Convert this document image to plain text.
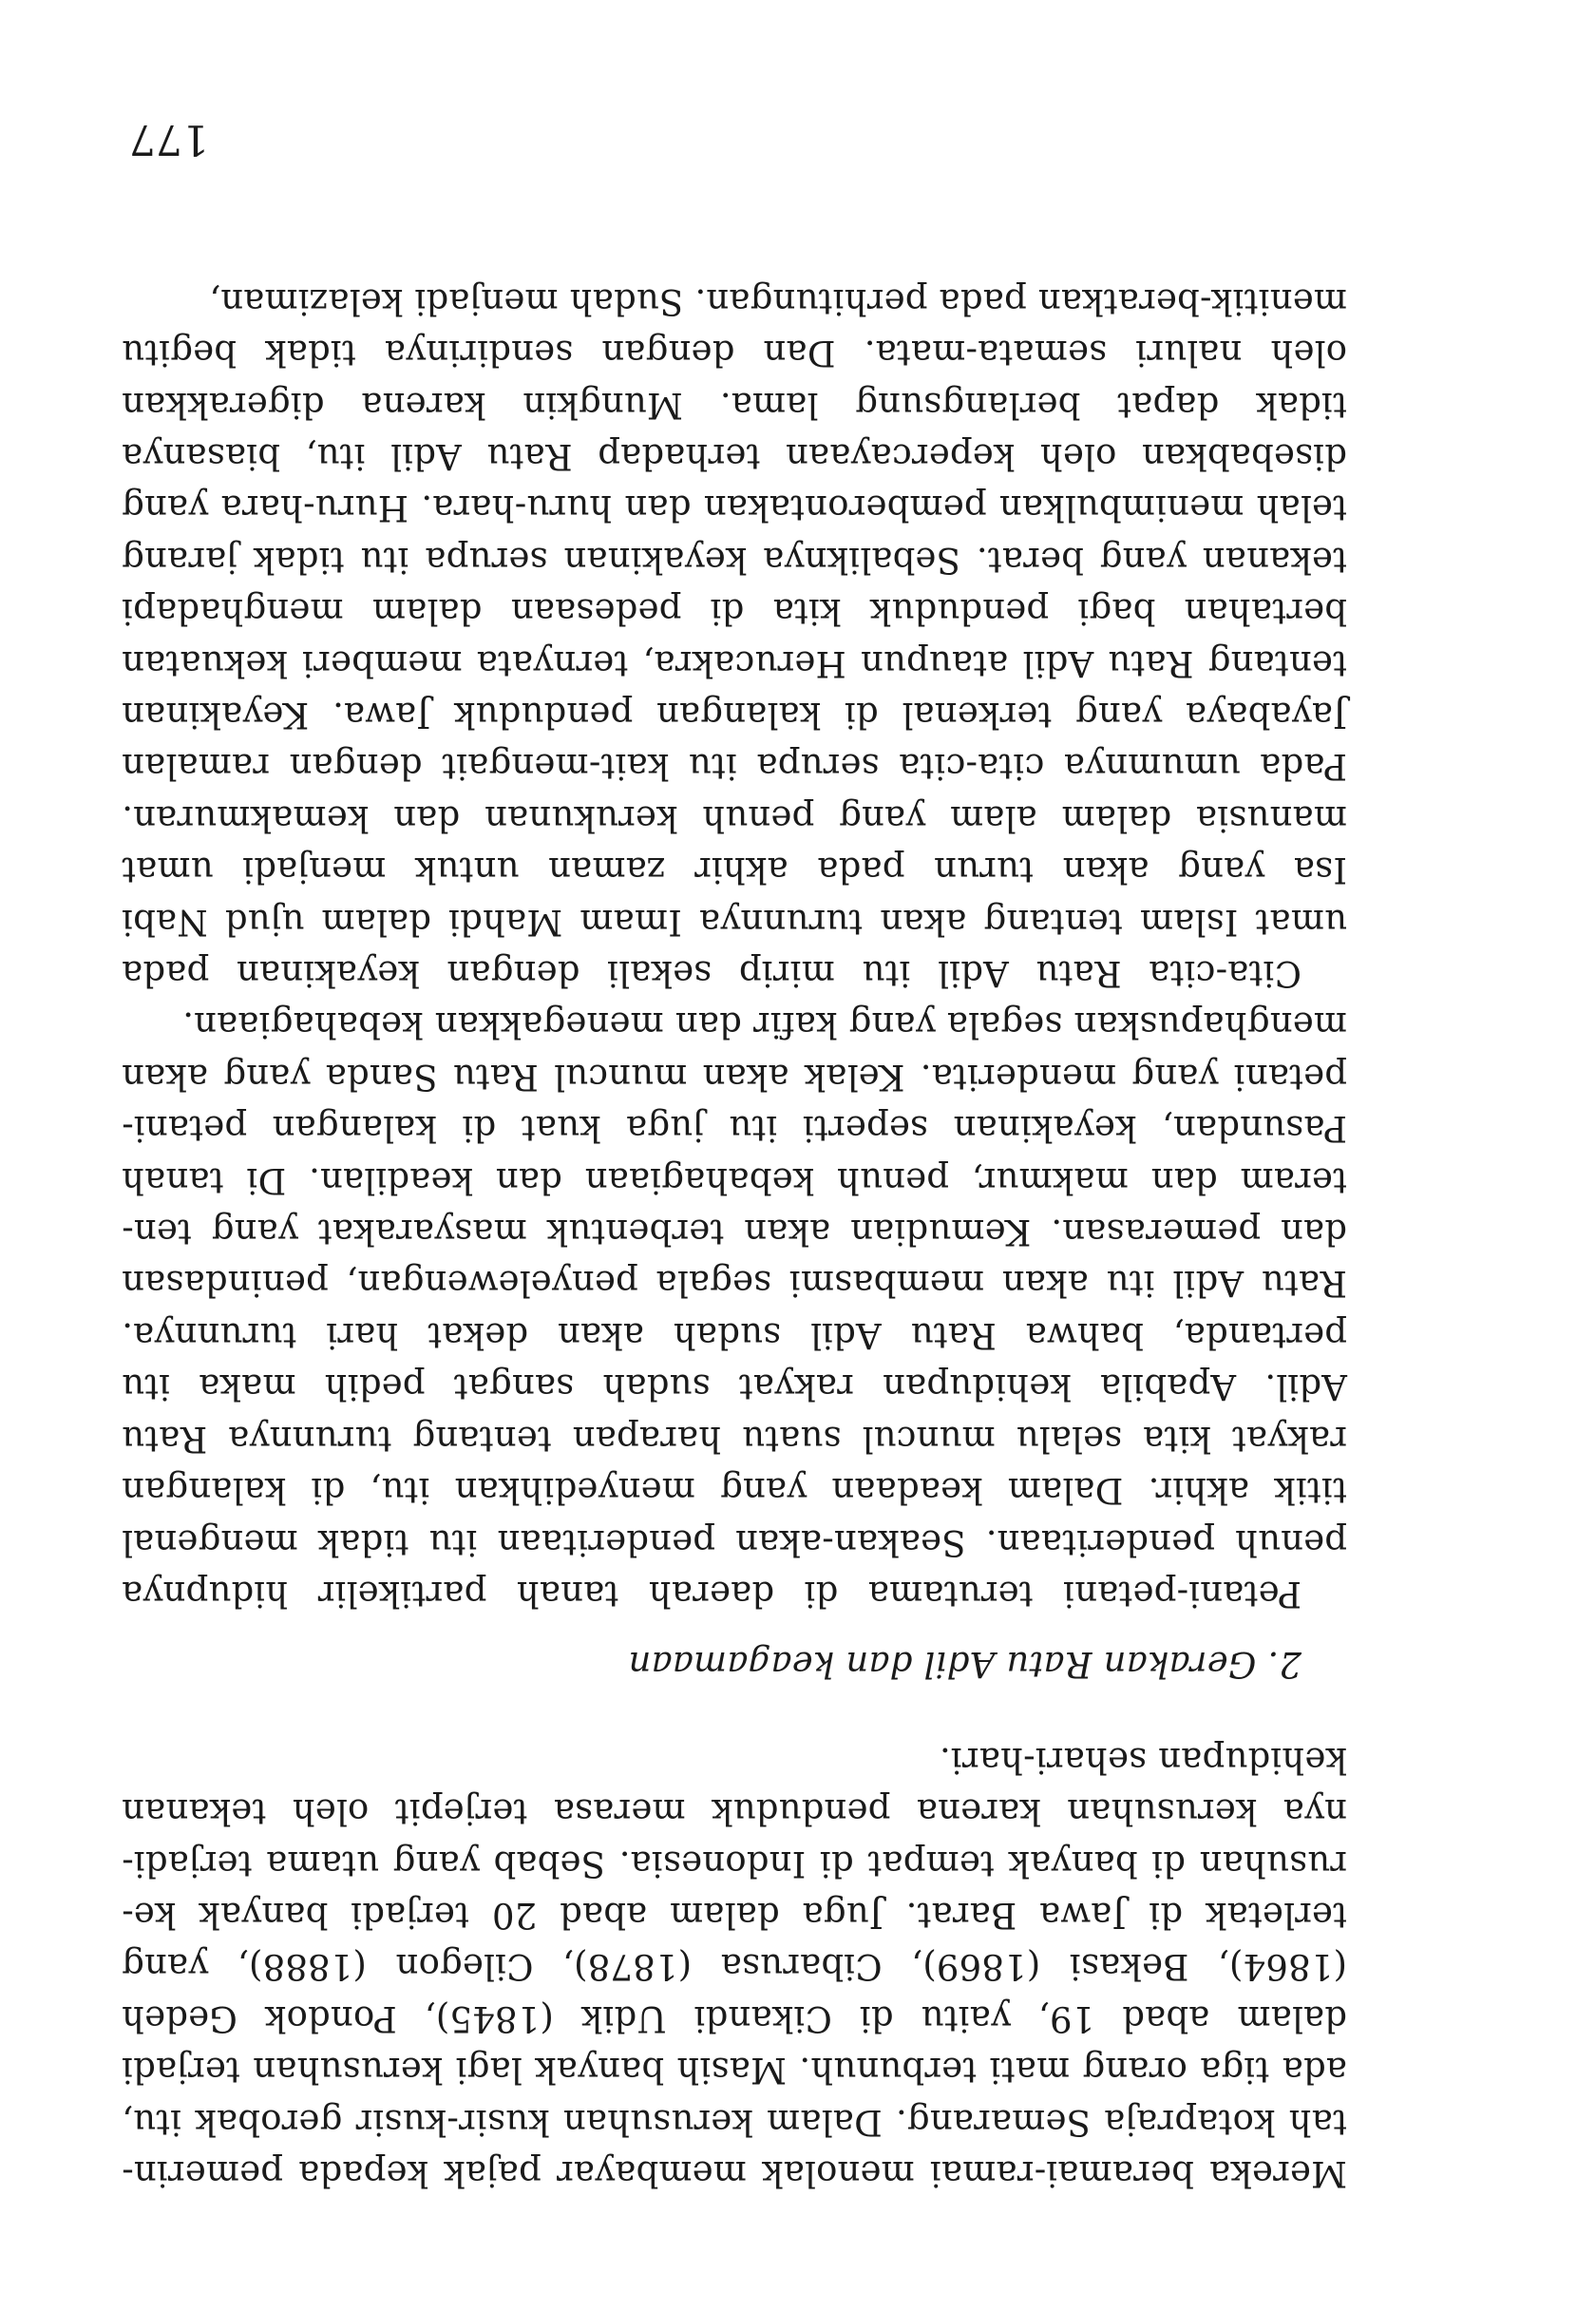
Mereka beramai-ramai menolak membayar pajak kepada pemerin-
tah kotapraja Semarang. Dalam kerusuhan kusir-kusir gerobak itu,
ada tiga orang mati terbunuh. Masih banyak lagi kerusuhan terjadi
dalam abad 19, yaitu di Cikandi Udik (1845), Pondok Gedeh
(1864), Bekasi (1869), Cibarusa (1878), Cilegon (1888), yang
terletak di Jawa Barat. Juga dalam abad 20 terjadi banyak ke-
rusuhan di banyak tempat di Indonesia. Sebab yang utama terjadi-
nya kerusuhan karena penduduk merasa terjepit oleh tekanan
kehidupan sehari-hari.
2. Gerakan Ratu Adil dan keagamaan
Petani-petani terutama di daerah tanah partikelir hidupnya
penuh penderitaan. Seakan-akan penderitaan itu tidak mengenal
titik akhir. Dalam keadaan yang menyedihkan itu, di kalangan
rakyat kita selalu muncul suatu harapan tentang turunnya Ratu
Adil. Apabila kehidupan rakyat sudah sangat pedih maka itu
pertanda, bahwa Ratu Adil sudah akan dekat hari turunnya.
Ratu Adil itu akan membasmi segala penyelewengan, penindasan
dan pemerasan. Kemudian akan terbentuk masyarakat yang ten-
teram dan makmur, penuh kebahagiaan dan keadilan. Di tanah
Pasundan, keyakinan seperti itu juga kuat di kalangan petani-
petani yang menderita. Kelak akan muncul Ratu Sanda yang akan
menghapuskan segala yang kafir dan menegakkan kebahagiaan.
Cita-cita Ratu Adil itu mirip sekali dengan keyakinan pada
umat Islam tentang akan turunnya Imam Mahdi dalam ujud Nabi
Isa yang akan turun pada akhir zaman untuk menjadi umat
manusia dalam alam yang penuh kerukunan dan kemakmuran.
Pada umumnya cita-cita serupa itu kait-mengait dengan ramalan
Jayabaya yang terkenal di kalangan penduduk Jawa. Keyakinan
tentang Ratu Adil ataupun Herucakra, ternyata memberi kekuatan
bertahan bagi penduduk kita di pedesaan dalam menghadapi
tekanan yang berat. Sebaliknya keyakinan serupa itu tidak jarang
telah menimbulkan pemberontakan dan huru-hara. Huru-hara yang
disebabkan oleh kepercayaan terhadap Ratu Adil itu, biasanya
tidak dapat berlangsung lama. Mungkin karena digerakkan
oleh naluri semata-mata. Dan dengan sendirinya tidak begitu
menitik-beratkan pada perhitungan. Sudah menjadi kelaziman,
177
